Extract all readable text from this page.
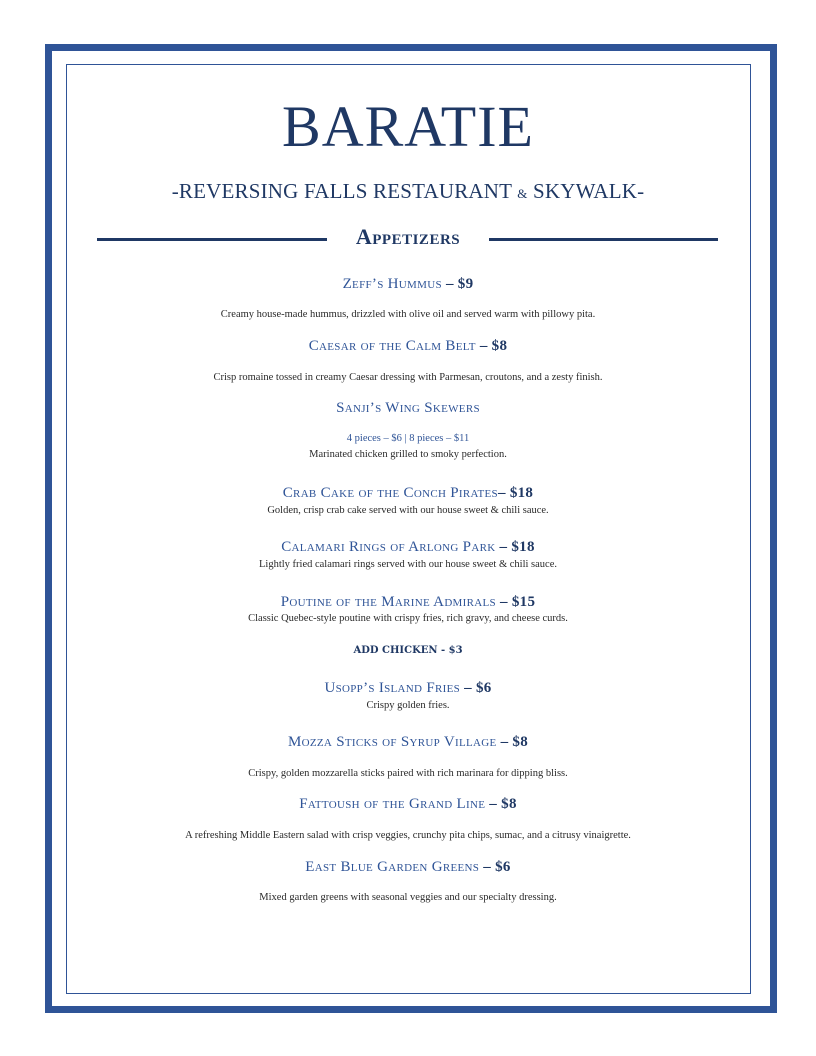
BARATIE
-REVERSING FALLS RESTAURANT & SKYWALK-
Appetizers
Zeff’s Hummus – $9
Creamy house-made hummus, drizzled with olive oil and served warm with pillowy pita.
Caesar of the Calm Belt – $8
Crisp romaine tossed in creamy Caesar dressing with Parmesan, croutons, and a zesty finish.
Sanji’s Wing Skewers
4 pieces – $6 | 8 pieces – $11
Marinated chicken grilled to smoky perfection.
Crab Cake of the Conch Pirates– $18
Golden, crisp crab cake served with our house sweet & chili sauce.
Calamari Rings of Arlong Park – $18
Lightly fried calamari rings served with our house sweet & chili sauce.
Poutine of the Marine Admirals – $15
Classic Quebec-style poutine with crispy fries, rich gravy, and cheese curds.
ADD CHICKEN - $3
Usopp’s Island Fries – $6
Crispy golden fries.
Mozza Sticks of Syrup Village – $8
Crispy, golden mozzarella sticks paired with rich marinara for dipping bliss.
Fattoush of the Grand Line – $8
A refreshing Middle Eastern salad with crisp veggies, crunchy pita chips, sumac, and a citrusy vinaigrette.
East Blue Garden Greens – $6
Mixed garden greens with seasonal veggies and our specialty dressing.
